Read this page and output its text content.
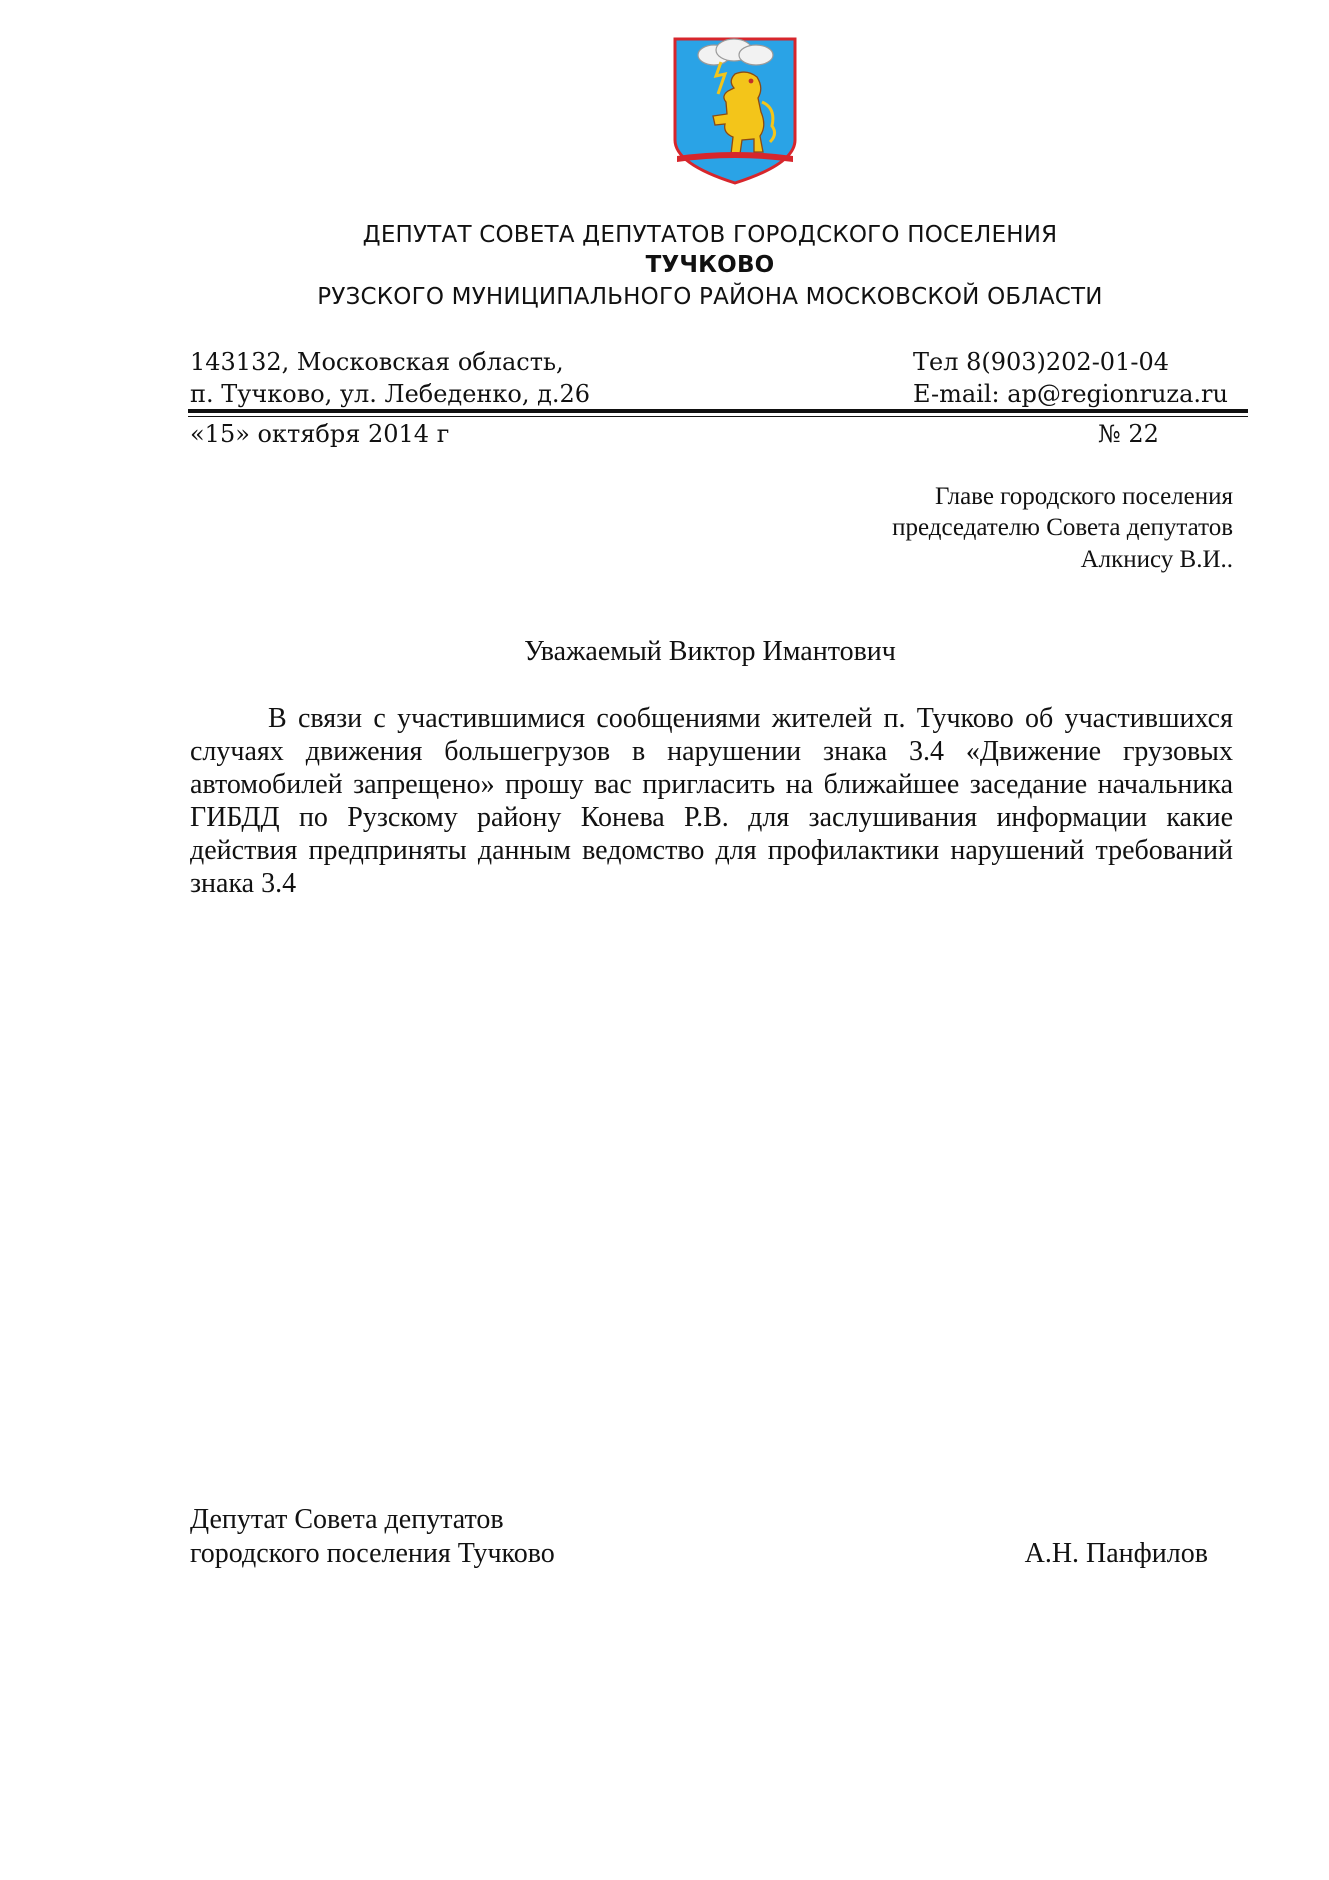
ДЕПУТАТ СОВЕТА ДЕПУТАТОВ ГОРОДСКОГО ПОСЕЛЕНИЯ
ТУЧКОВО
РУЗСКОГО МУНИЦИПАЛЬНОГО РАЙОНА МОСКОВСКОЙ ОБЛАСТИ
143132, Московская область,
п. Тучково, ул. Лебеденко, д.26
Тел 8(903)202-01-04
E-mail: ap@regionruza.ru
«15» октября 2014 г	№ 22
Главе городского поселения
председателю Совета депутатов
Алкнису В.И..
Уважаемый Виктор Имантович
В связи с участившимися сообщениями жителей п. Тучково об участившихся случаях движения большегрузов в нарушении знака 3.4 «Движение грузовых автомобилей запрещено» прошу вас пригласить на ближайшее заседание начальника ГИБДД по Рузскому району Конева Р.В. для заслушивания информации какие действия предприняты данным ведомство для профилактики нарушений требований знака 3.4
Депутат Совета депутатов
городского поселения Тучково	А.Н. Панфилов
